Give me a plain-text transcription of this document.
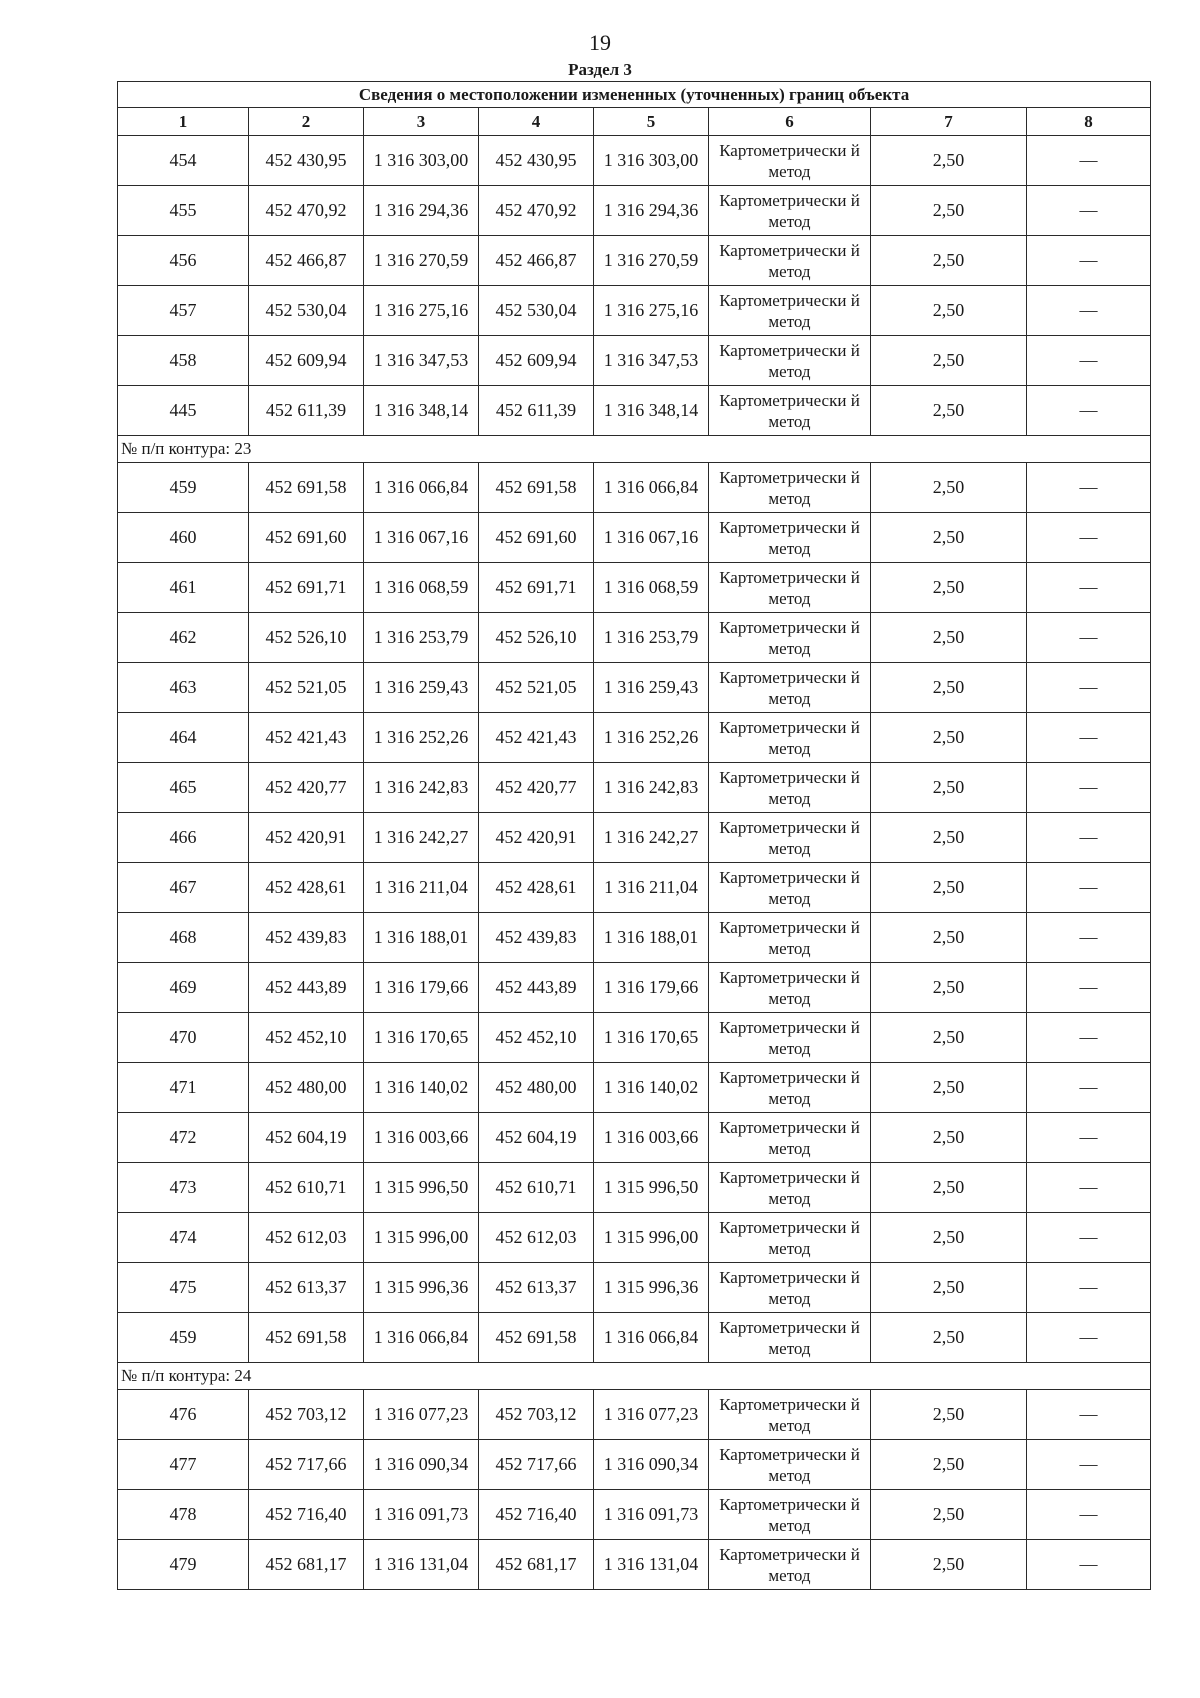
19
Раздел 3
Сведения о местоположении измененных (уточненных) границ объекта							
1	2	3	4	5	6	7	8
454	452 430,95	1 316 303,00	452 430,95	1 316 303,00	Картометрически й метод	2,50	—
455	452 470,92	1 316 294,36	452 470,92	1 316 294,36	Картометрически й метод	2,50	—
456	452 466,87	1 316 270,59	452 466,87	1 316 270,59	Картометрически й метод	2,50	—
457	452 530,04	1 316 275,16	452 530,04	1 316 275,16	Картометрически й метод	2,50	—
458	452 609,94	1 316 347,53	452 609,94	1 316 347,53	Картометрически й метод	2,50	—
445	452 611,39	1 316 348,14	452 611,39	1 316 348,14	Картометрически й метод	2,50	—
№ п/п контура: 23							
459	452 691,58	1 316 066,84	452 691,58	1 316 066,84	Картометрически й метод	2,50	—
460	452 691,60	1 316 067,16	452 691,60	1 316 067,16	Картометрически й метод	2,50	—
461	452 691,71	1 316 068,59	452 691,71	1 316 068,59	Картометрически й метод	2,50	—
462	452 526,10	1 316 253,79	452 526,10	1 316 253,79	Картометрически й метод	2,50	—
463	452 521,05	1 316 259,43	452 521,05	1 316 259,43	Картометрически й метод	2,50	—
464	452 421,43	1 316 252,26	452 421,43	1 316 252,26	Картометрически й метод	2,50	—
465	452 420,77	1 316 242,83	452 420,77	1 316 242,83	Картометрически й метод	2,50	—
466	452 420,91	1 316 242,27	452 420,91	1 316 242,27	Картометрически й метод	2,50	—
467	452 428,61	1 316 211,04	452 428,61	1 316 211,04	Картометрически й метод	2,50	—
468	452 439,83	1 316 188,01	452 439,83	1 316 188,01	Картометрически й метод	2,50	—
469	452 443,89	1 316 179,66	452 443,89	1 316 179,66	Картометрически й метод	2,50	—
470	452 452,10	1 316 170,65	452 452,10	1 316 170,65	Картометрически й метод	2,50	—
471	452 480,00	1 316 140,02	452 480,00	1 316 140,02	Картометрически й метод	2,50	—
472	452 604,19	1 316 003,66	452 604,19	1 316 003,66	Картометрически й метод	2,50	—
473	452 610,71	1 315 996,50	452 610,71	1 315 996,50	Картометрически й метод	2,50	—
474	452 612,03	1 315 996,00	452 612,03	1 315 996,00	Картометрически й метод	2,50	—
475	452 613,37	1 315 996,36	452 613,37	1 315 996,36	Картометрически й метод	2,50	—
459	452 691,58	1 316 066,84	452 691,58	1 316 066,84	Картометрически й метод	2,50	—
№ п/п контура: 24							
476	452 703,12	1 316 077,23	452 703,12	1 316 077,23	Картометрически й метод	2,50	—
477	452 717,66	1 316 090,34	452 717,66	1 316 090,34	Картометрически й метод	2,50	—
478	452 716,40	1 316 091,73	452 716,40	1 316 091,73	Картометрически й метод	2,50	—
479	452 681,17	1 316 131,04	452 681,17	1 316 131,04	Картометрически й метод	2,50	—
